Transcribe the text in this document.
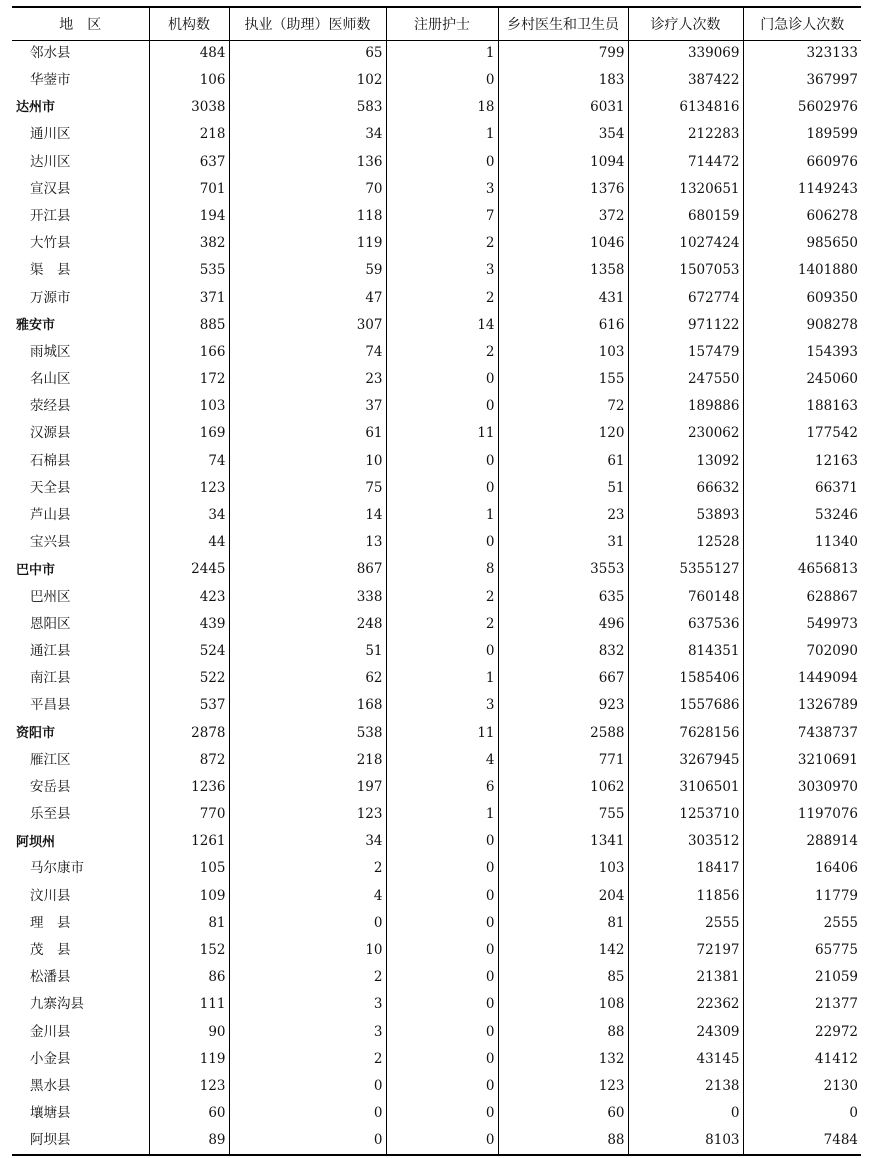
地　区	机构数	执业（助理）医师数	注册护士	乡村医生和卫生员	诊疗人次数	门急诊人次数
邻水县	484	65	1	799	339069	323133
华蓥市	106	102	0	183	387422	367997
达州市	3038	583	18	6031	6134816	5602976
通川区	218	34	1	354	212283	189599
达川区	637	136	0	1094	714472	660976
宣汉县	701	70	3	1376	1320651	1149243
开江县	194	118	7	372	680159	606278
大竹县	382	119	2	1046	1027424	985650
渠　县	535	59	3	1358	1507053	1401880
万源市	371	47	2	431	672774	609350
雅安市	885	307	14	616	971122	908278
雨城区	166	74	2	103	157479	154393
名山区	172	23	0	155	247550	245060
荥经县	103	37	0	72	189886	188163
汉源县	169	61	11	120	230062	177542
石棉县	74	10	0	61	13092	12163
天全县	123	75	0	51	66632	66371
芦山县	34	14	1	23	53893	53246
宝兴县	44	13	0	31	12528	11340
巴中市	2445	867	8	3553	5355127	4656813
巴州区	423	338	2	635	760148	628867
恩阳区	439	248	2	496	637536	549973
通江县	524	51	0	832	814351	702090
南江县	522	62	1	667	1585406	1449094
平昌县	537	168	3	923	1557686	1326789
资阳市	2878	538	11	2588	7628156	7438737
雁江区	872	218	4	771	3267945	3210691
安岳县	1236	197	6	1062	3106501	3030970
乐至县	770	123	1	755	1253710	1197076
阿坝州	1261	34	0	1341	303512	288914
马尔康市	105	2	0	103	18417	16406
汶川县	109	4	0	204	11856	11779
理　县	81	0	0	81	2555	2555
茂　县	152	10	0	142	72197	65775
松潘县	86	2	0	85	21381	21059
九寨沟县	111	3	0	108	22362	21377
金川县	90	3	0	88	24309	22972
小金县	119	2	0	132	43145	41412
黑水县	123	0	0	123	2138	2130
壤塘县	60	0	0	60	0	0
阿坝县	89	0	0	88	8103	7484
